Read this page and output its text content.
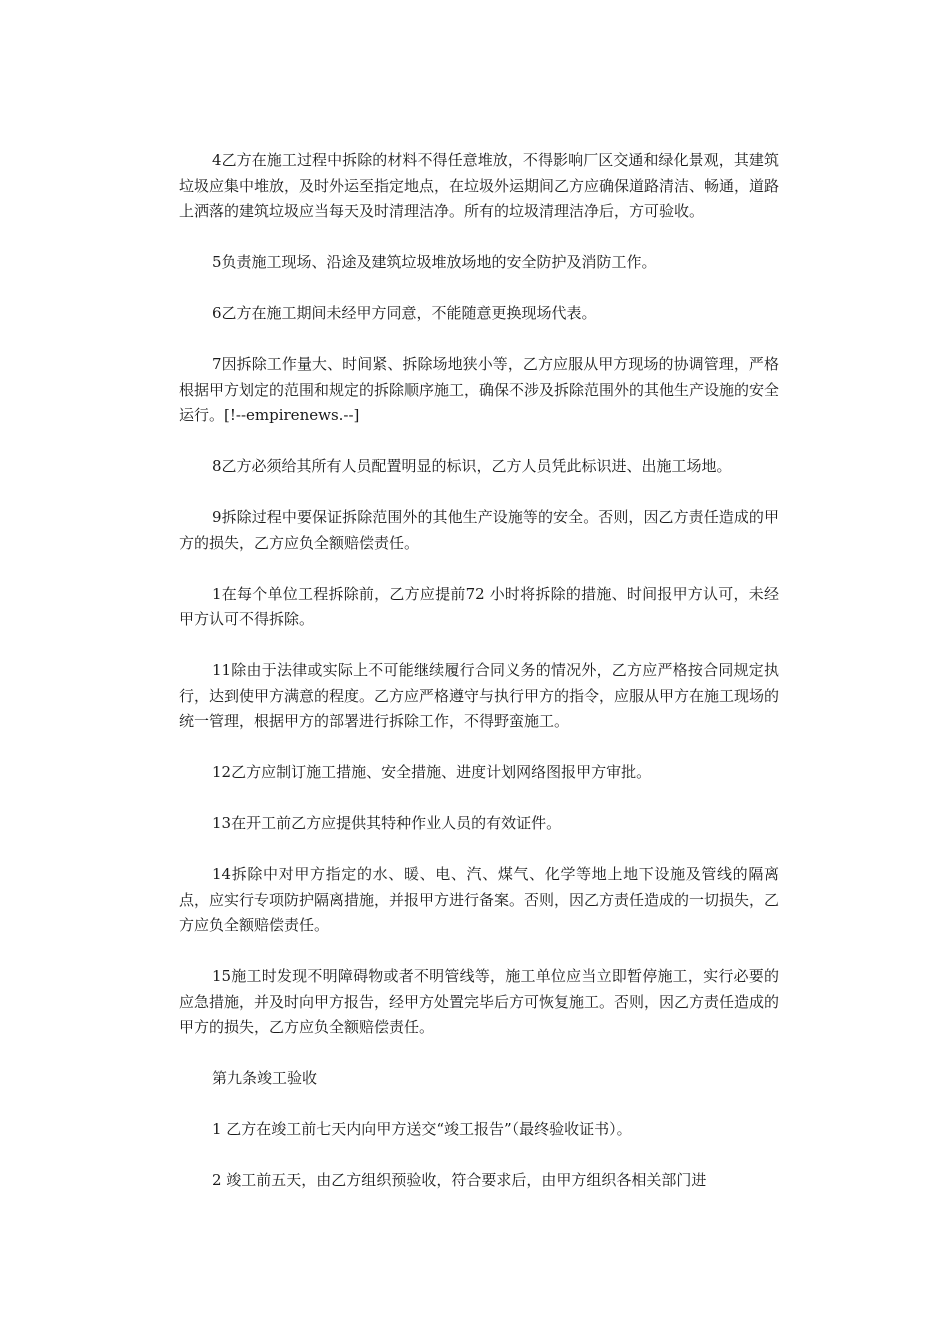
4乙方在施工过程中拆除的材料不得任意堆放，不得影响厂区交通和绿化景观，其建筑垃圾应集中堆放，及时外运至指定地点，在垃圾外运期间乙方应确保道路清洁、畅通，道路上洒落的建筑垃圾应当每天及时清理洁净。所有的垃圾清理洁净后，方可验收。

5负责施工现场、沿途及建筑垃圾堆放场地的安全防护及消防工作。

6乙方在施工期间未经甲方同意，不能随意更换现场代表。

7因拆除工作量大、时间紧、拆除场地狭小等，乙方应服从甲方现场的协调管理，严格根据甲方划定的范围和规定的拆除顺序施工，确保不涉及拆除范围外的其他生产设施的安全运行。[!--empirenews.--]

8乙方必须给其所有人员配置明显的标识，乙方人员凭此标识进、出施工场地。

9拆除过程中要保证拆除范围外的其他生产设施等的安全。否则，因乙方责任造成的甲方的损失，乙方应负全额赔偿责任。

1在每个单位工程拆除前，乙方应提前72 小时将拆除的措施、时间报甲方认可，未经甲方认可不得拆除。

11除由于法律或实际上不可能继续履行合同义务的情况外，乙方应严格按合同规定执行，达到使甲方满意的程度。乙方应严格遵守与执行甲方的指令，应服从甲方在施工现场的统一管理，根据甲方的部署进行拆除工作，不得野蛮施工。

12乙方应制订施工措施、安全措施、进度计划网络图报甲方审批。

13在开工前乙方应提供其特种作业人员的有效证件。

14拆除中对甲方指定的水、暖、电、汽、煤气、化学等地上地下设施及管线的隔离点，应实行专项防护隔离措施，并报甲方进行备案。否则，因乙方责任造成的一切损失，乙方应负全额赔偿责任。

15施工时发现不明障碍物或者不明管线等，施工单位应当立即暂停施工，实行必要的应急措施，并及时向甲方报告，经甲方处置完毕后方可恢复施工。否则，因乙方责任造成的甲方的损失，乙方应负全额赔偿责任。

第九条竣工验收

1 乙方在竣工前七天内向甲方送交“竣工报告”（最终验收证书）。

2 竣工前五天，由乙方组织预验收，符合要求后，由甲方组织各相关部门进
